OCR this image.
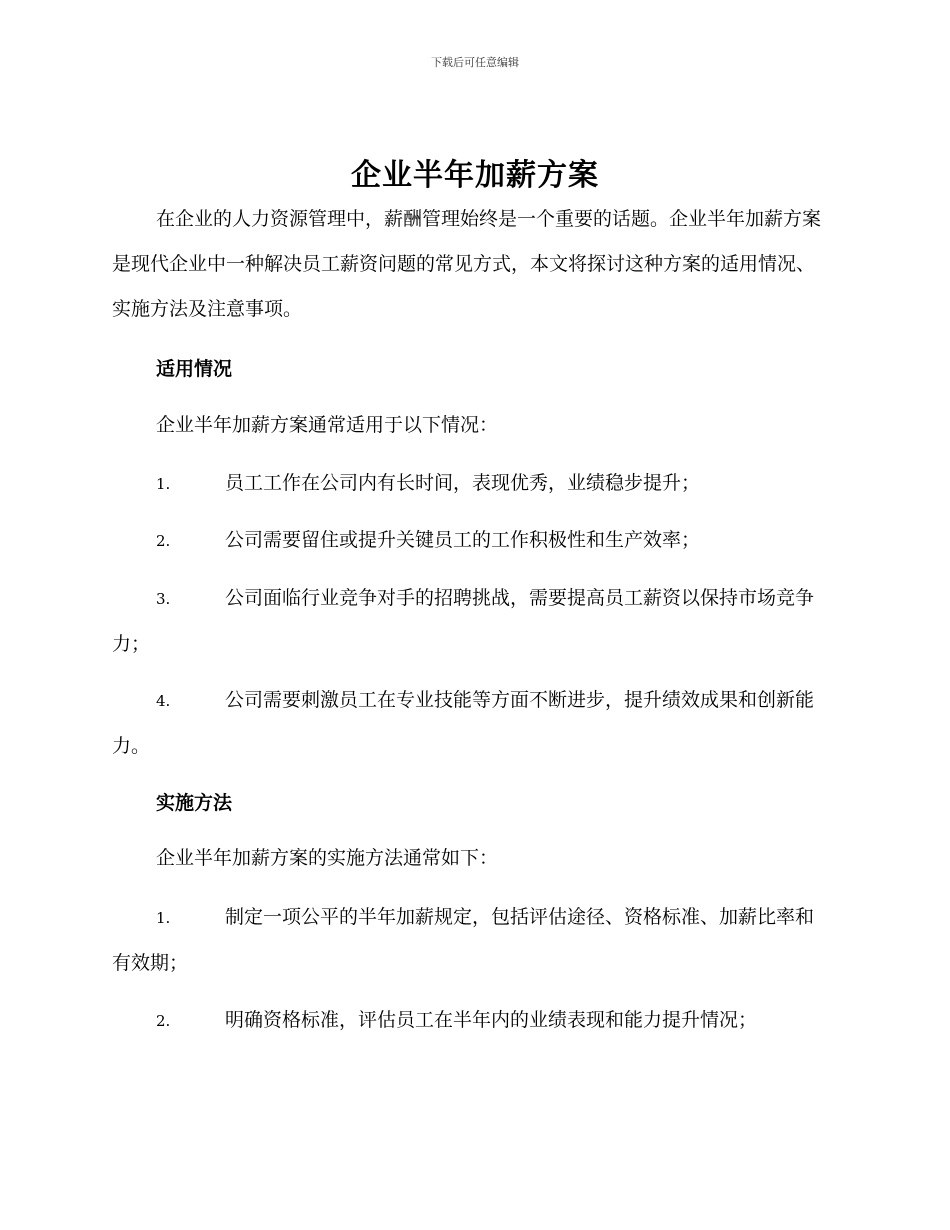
下载后可任意编辑
企业半年加薪方案

在企业的人力资源管理中，薪酬管理始终是一个重要的话题。企业半年加薪方案是现代企业中一种解决员工薪资问题的常见方式，本文将探讨这种方案的适用情况、实施方法及注意事项。

适用情况

企业半年加薪方案通常适用于以下情况：

1.	员工工作在公司内有长时间，表现优秀，业绩稳步提升；
2.	公司需要留住或提升关键员工的工作积极性和生产效率；
3.	公司面临行业竞争对手的招聘挑战，需要提高员工薪资以保持市场竞争力；
4.	公司需要刺激员工在专业技能等方面不断进步，提升绩效成果和创新能力。
实施方法

企业半年加薪方案的实施方法通常如下：

1.	制定一项公平的半年加薪规定，包括评估途径、资格标准、加薪比率和有效期；
2.	明确资格标准，评估员工在半年内的业绩表现和能力提升情况；
